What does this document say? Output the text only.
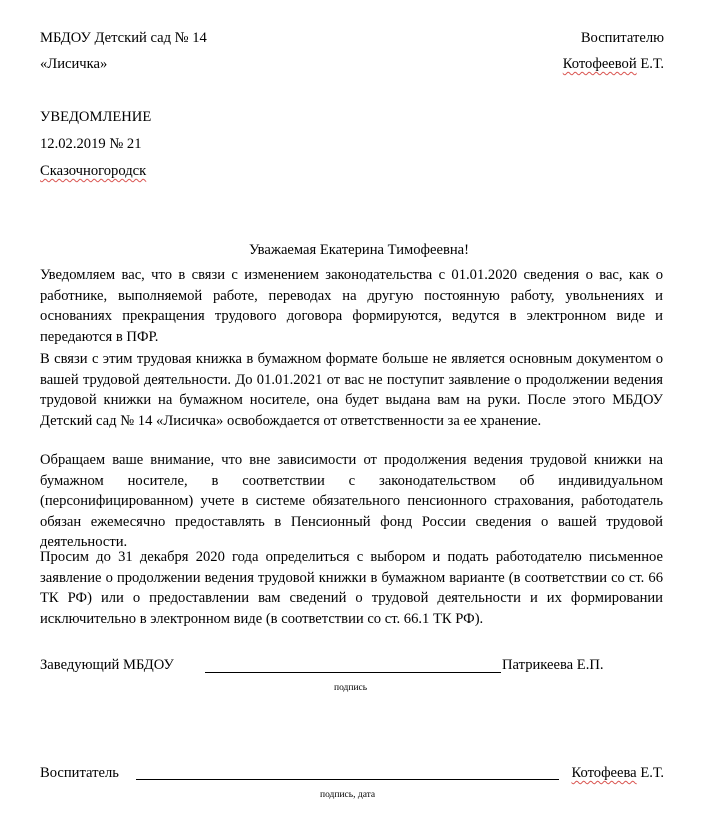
МБДОУ Детский сад № 14
«Лисичка»
Воспитателю
Котофеевой Е.Т.
УВЕДОМЛЕНИЕ
12.02.2019 № 21
Сказочногородск
Уважаемая Екатерина Тимофеевна!
Уведомляем вас, что в связи с изменением законодательства с 01.01.2020 сведения о вас, как о работнике, выполняемой работе, переводах на другую постоянную работу, увольнениях и основаниях прекращения трудового договора формируются, ведутся в электронном виде и передаются в ПФР.
В связи с этим трудовая книжка в бумажном формате больше не является основным документом о вашей трудовой деятельности. До 01.01.2021 от вас не поступит заявление о продолжении ведения трудовой книжки на бумажном носителе, она будет выдана вам на руки. После этого МБДОУ Детский сад № 14 «Лисичка» освобождается от ответственности за ее хранение.
Обращаем ваше внимание, что вне зависимости от продолжения ведения трудовой книжки на бумажном носителе, в соответствии с законодательством об индивидуальном (персонифицированном) учете в системе обязательного пенсионного страхования, работодатель обязан ежемесячно предоставлять в Пенсионный фонд России сведения о вашей трудовой деятельности.
Просим до 31 декабря 2020 года определиться с выбором и подать работодателю письменное заявление о продолжении ведения трудовой книжки в бумажном варианте (в соответствии со ст. 66 ТК РФ) или о предоставлении вам сведений о трудовой деятельности и их формировании исключительно в электронном виде (в соответствии со ст. 66.1 ТК РФ).
Заведующий МБДОУ	Патрикеева Е.П.
подпись
Воспитатель	Котофеева Е.Т.
подпись, дата
